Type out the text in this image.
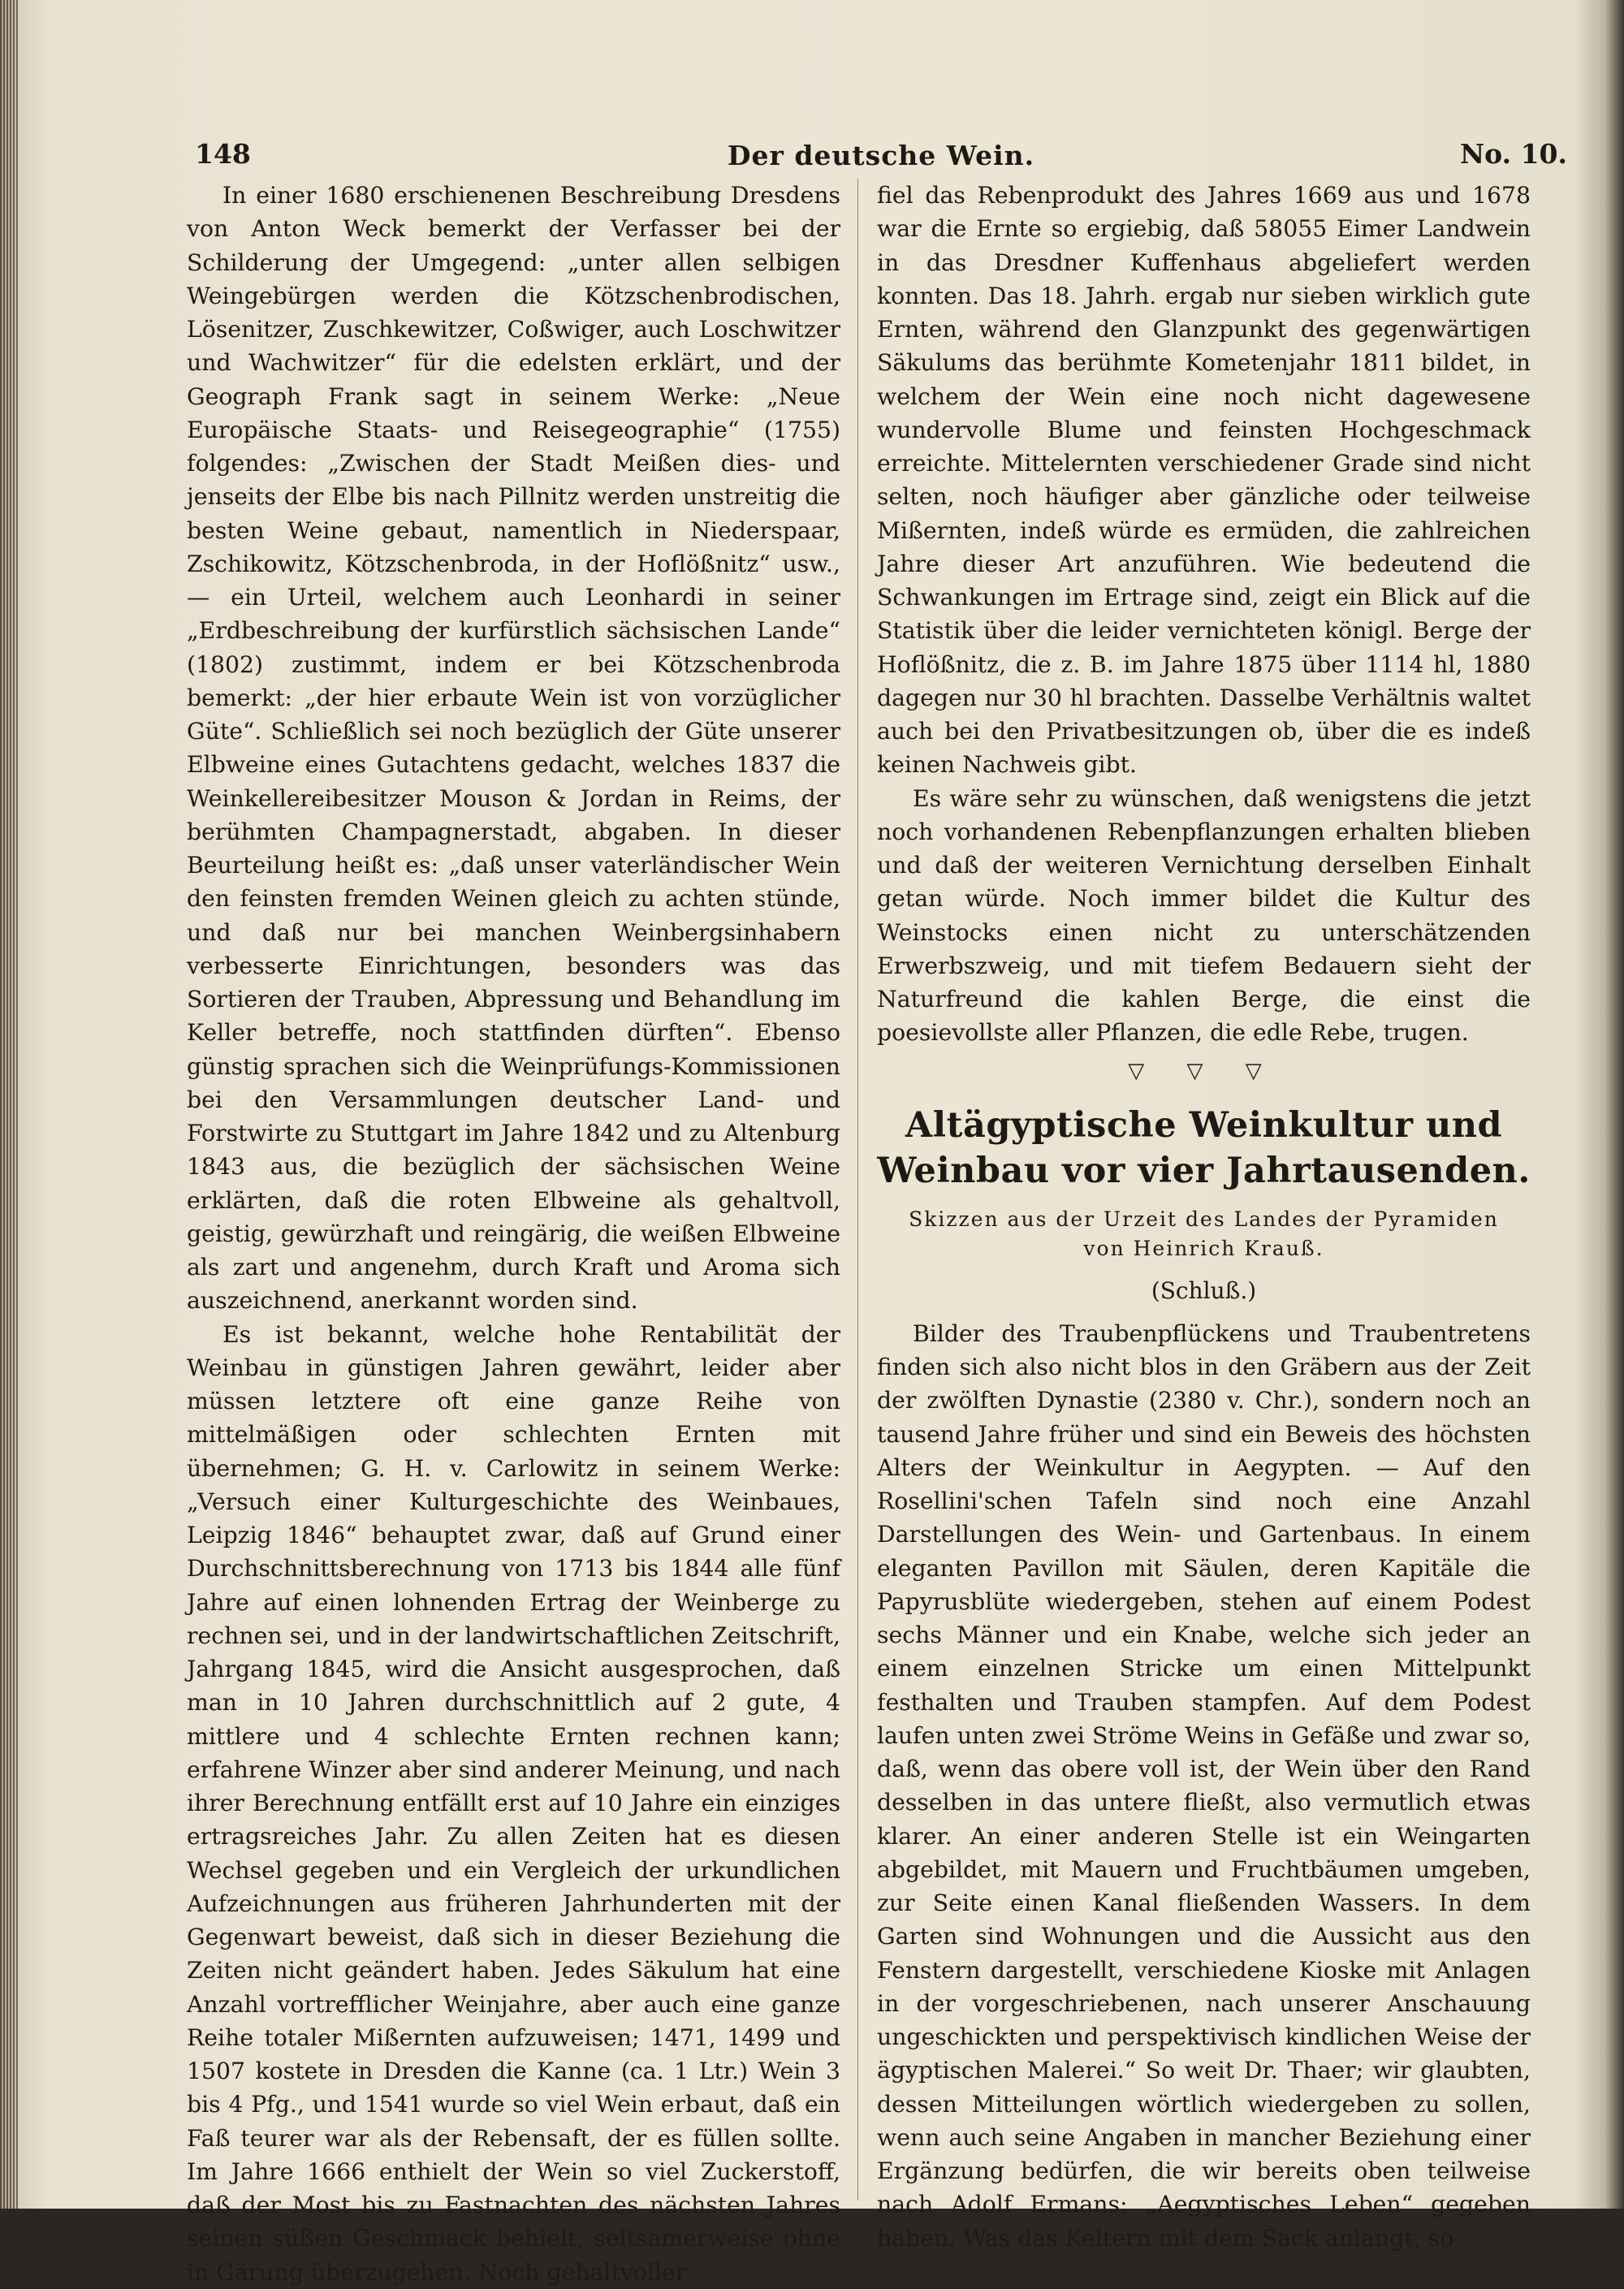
148	Der deutsche Wein.	No. 10.

In einer 1680 erschienenen Beschreibung Dresdens von Anton Weck bemerkt der Verfasser bei der Schilderung der Umgegend: „unter allen selbigen Weingebürgen werden die Kötzschenbrodischen, Lösenitzer, Zuschkewitzer, Coßwiger, auch Loschwitzer und Wachwitzer“ für die edelsten erklärt, und der Geograph Frank sagt in seinem Werke: „Neue Europäische Staats- und Reisegeographie“ (1755) folgendes: „Zwischen der Stadt Meißen dies- und jenseits der Elbe bis nach Pillnitz werden unstreitig die besten Weine gebaut, namentlich in Niederspaar, Zschikowitz, Kötzschenbroda, in der Hoflößnitz“ usw., — ein Urteil, welchem auch Leonhardi in seiner „Erdbeschreibung der kurfürstlich sächsischen Lande“ (1802) zustimmt, indem er bei Kötzschenbroda bemerkt: „der hier erbaute Wein ist von vorzüglicher Güte“. Schließlich sei noch bezüglich der Güte unserer Elbweine eines Gutachtens gedacht, welches 1837 die Weinkellereibesitzer Mouson & Jordan in Reims, der berühmten Champagnerstadt, abgaben. In dieser Beurteilung heißt es: „daß unser vaterländischer Wein den feinsten fremden Weinen gleich zu achten stünde, und daß nur bei manchen Weinbergsinhabern verbesserte Einrichtungen, besonders was das Sortieren der Trauben, Abpressung und Behandlung im Keller betreffe, noch stattfinden dürften“. Ebenso günstig sprachen sich die Weinprüfungs-Kommissionen bei den Versammlungen deutscher Land- und Forstwirte zu Stuttgart im Jahre 1842 und zu Altenburg 1843 aus, die bezüglich der sächsischen Weine erklärten, daß die roten Elbweine als gehaltvoll, geistig, gewürzhaft und reingärig, die weißen Elbweine als zart und angenehm, durch Kraft und Aroma sich auszeichnend, anerkannt worden sind.

Es ist bekannt, welche hohe Rentabilität der Weinbau in günstigen Jahren gewährt, leider aber müssen letztere oft eine ganze Reihe von mittelmäßigen oder schlechten Ernten mit übernehmen; G. H. v. Carlowitz in seinem Werke: „Versuch einer Kulturgeschichte des Weinbaues, Leipzig 1846“ behauptet zwar, daß auf Grund einer Durchschnittsberechnung von 1713 bis 1844 alle fünf Jahre auf einen lohnenden Ertrag der Weinberge zu rechnen sei, und in der landwirtschaftlichen Zeitschrift, Jahrgang 1845, wird die Ansicht ausgesprochen, daß man in 10 Jahren durchschnittlich auf 2 gute, 4 mittlere und 4 schlechte Ernten rechnen kann; erfahrene Winzer aber sind anderer Meinung, und nach ihrer Berechnung entfällt erst auf 10 Jahre ein einziges ertragsreiches Jahr. Zu allen Zeiten hat es diesen Wechsel gegeben und ein Vergleich der urkundlichen Aufzeichnungen aus früheren Jahrhunderten mit der Gegenwart beweist, daß sich in dieser Beziehung die Zeiten nicht geändert haben. Jedes Säkulum hat eine Anzahl vortrefflicher Weinjahre, aber auch eine ganze Reihe totaler Mißernten aufzuweisen; 1471, 1499 und 1507 kostete in Dresden die Kanne (ca. 1 Ltr.) Wein 3 bis 4 Pfg., und 1541 wurde so viel Wein erbaut, daß ein Faß teurer war als der Rebensaft, der es füllen sollte. Im Jahre 1666 enthielt der Wein so viel Zuckerstoff, daß der Most bis zu Fastnachten des nächsten Jahres seinen süßen Geschmack behielt, seltsamerweise ohne in Gärung überzugehen. Noch gehaltvoller

fiel das Rebenprodukt des Jahres 1669 aus und 1678 war die Ernte so ergiebig, daß 58055 Eimer Landwein in das Dresdner Kuffenhaus abgeliefert werden konnten. Das 18. Jahrh. ergab nur sieben wirklich gute Ernten, während den Glanzpunkt des gegenwärtigen Säkulums das berühmte Kometenjahr 1811 bildet, in welchem der Wein eine noch nicht dagewesene wundervolle Blume und feinsten Hochgeschmack erreichte. Mittelernten verschiedener Grade sind nicht selten, noch häufiger aber gänzliche oder teilweise Mißernten, indeß würde es ermüden, die zahlreichen Jahre dieser Art anzuführen. Wie bedeutend die Schwankungen im Ertrage sind, zeigt ein Blick auf die Statistik über die leider vernichteten königl. Berge der Hoflößnitz, die z. B. im Jahre 1875 über 1114 hl, 1880 dagegen nur 30 hl brachten. Dasselbe Verhältnis waltet auch bei den Privatbesitzungen ob, über die es indeß keinen Nachweis gibt.

Es wäre sehr zu wünschen, daß wenigstens die jetzt noch vorhandenen Rebenpflanzungen erhalten blieben und daß der weiteren Vernichtung derselben Einhalt getan würde. Noch immer bildet die Kultur des Weinstocks einen nicht zu unterschätzenden Erwerbszweig, und mit tiefem Bedauern sieht der Naturfreund die kahlen Berge, die einst die poesievollste aller Pflanzen, die edle Rebe, trugen.

▽ ▽ ▽
Altägyptische Weinkultur und Weinbau vor vier Jahrtausenden.
Skizzen aus der Urzeit des Landes der Pyramiden
von Heinrich Krauß.
(Schluß.)

Bilder des Traubenpflückens und Traubentretens finden sich also nicht blos in den Gräbern aus der Zeit der zwölften Dynastie (2380 v. Chr.), sondern noch an tausend Jahre früher und sind ein Beweis des höchsten Alters der Weinkultur in Aegypten. — Auf den Rosellini'schen Tafeln sind noch eine Anzahl Darstellungen des Wein- und Gartenbaus. In einem eleganten Pavillon mit Säulen, deren Kapitäle die Papyrusblüte wiedergeben, stehen auf einem Podest sechs Männer und ein Knabe, welche sich jeder an einem einzelnen Stricke um einen Mittelpunkt festhalten und Trauben stampfen. Auf dem Podest laufen unten zwei Ströme Weins in Gefäße und zwar so, daß, wenn das obere voll ist, der Wein über den Rand desselben in das untere fließt, also vermutlich etwas klarer. An einer anderen Stelle ist ein Weingarten abgebildet, mit Mauern und Fruchtbäumen umgeben, zur Seite einen Kanal fließenden Wassers. In dem Garten sind Wohnungen und die Aussicht aus den Fenstern dargestellt, verschiedene Kioske mit Anlagen in der vorgeschriebenen, nach unserer Anschauung ungeschickten und perspektivisch kindlichen Weise der ägyptischen Malerei.“ So weit Dr. Thaer; wir glaubten, dessen Mitteilungen wörtlich wiedergeben zu sollen, wenn auch seine Angaben in mancher Beziehung einer Ergänzung bedürfen, die wir bereits oben teilweise nach Adolf Ermans: „Aegyptisches Leben“ gegeben haben. Was das Keltern mit dem Sack anlangt, so
